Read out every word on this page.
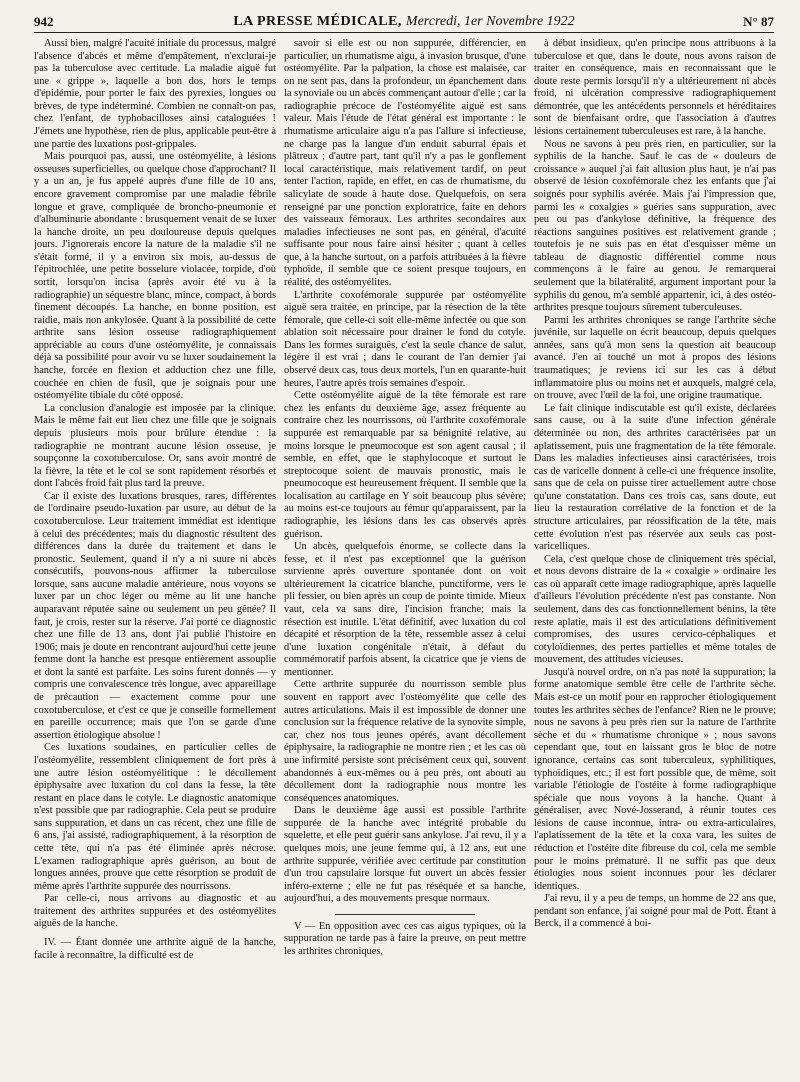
942	LA PRESSE MÉDICALE, Mercredi, 1er Novembre 1922	N° 87

Aussi bien, malgré l'acuité initiale du processus, malgré l'absence d'abcès et même d'empâtement, n'exclurai-je pas la tuberculose avec certitude. La maladie aiguë fut une « grippe », laquelle a bon dos, hors le temps d'épidémie, pour porter le faix des pyrexies, longues ou brèves, de type indéterminé. Combien ne connaît-on pas, chez l'enfant, de typhobacilloses ainsi cataloguées ! J'émets une hypothèse, rien de plus, applicable peut-être à une partie des luxations post-grippales.

Mais pourquoi pas, aussi, une ostéomyélite, à lésions osseuses superficielles, ou quelque chose d'approchant? Il y a un an, je fus appelé auprès d'une fille de 10 ans, encore gravement compromise par une maladie fébrile longue et grave, compliquée de broncho-pneumonie et d'albuminurie abondante : brusquement venait de se luxer la hanche droite, un peu douloureuse depuis quelques jours. J'ignorerais encore la nature de la maladie s'il ne s'était formé, il y a environ six mois, au-dessus de l'épitrochlée, une petite bosselure violacée, torpide, d'où sortit, lorsqu'on incisa (après avoir été vu à la radiographie) un séquestre blanc, mince, compact, à bords finement découpés. La hanche, en bonne position, est raidie, mais non ankylosée. Quant à la possibilité de cette arthrite sans lésion osseuse radiographiquement appréciable au cours d'une ostéomyélite, je connaissais déjà sa possibilité pour avoir vu se luxer soudainement la hanche, forcée en flexion et adduction chez une fille, couchée en chien de fusil, que je soignais pour une ostéomyélite tibiale du côté opposé.

La conclusion d'analogie est imposée par la clinique. Mais le même fait eut lieu chez une fille que je soignais depuis plusieurs mois pour brûlure étendue : la radiographie ne montrant aucune lésion osseuse, je soupçonne la coxotuberculose. Or, sans avoir montré de la fièvre, la tête et le col se sont rapidement résorbés et dont l'abcès froid fait plus tard la preuve.

Car il existe des luxations brusques, rares, différentes de l'ordinaire pseudo-luxation par usure, au début de la coxotuberculose. Leur traitement immédiat est identique à celui des précédentes; mais du diagnostic résultent des différences dans la durée du traitement et dans le pronostic. Seulement, quand il n'y a ni suure ni abcès consécutifs, pouvons-nous affirmer la tuberculose lorsque, sans aucune maladie antérieure, nous voyons se luxer par un choc léger ou même au lit une hanche auparavant réputée saine ou seulement un peu gênée? Il faut, je crois, rester sur la réserve. J'ai porté ce diagnostic chez une fille de 13 ans, dont j'ai publié l'histoire en 1906; mais je doute en rencontrant aujourd'hui cette jeune femme dont la hanche est presque entièrement assouplie et dont la santé est parfaite. Les soins furent donnés — y compris une convalescence très longue, avec appareillage de précaution — exactement comme pour une coxotuberculose, et c'est ce que je conseille formellement en pareille occurrence; mais que l'on se garde d'une assertion étiologique absolue !

Ces luxations soudaines, en particulier celles de l'ostéomyélite, ressemblent cliniquement de fort près à une autre lésion ostéomyélitique : le décollement épiphysaire avec luxation du col dans la fesse, la tête restant en place dans le cotyle. Le diagnostic anatomique n'est possible que par radiographie. Cela peut se produire sans suppuration, et dans un cas récent, chez une fille de 6 ans, j'ai assisté, radiographiquement, à la résorption de cette tête, qui n'a pas été éliminée après nécrose. L'examen radiographique après guérison, au bout de longues années, prouve que cette résorption se produit de même après l'arthrite suppurée des nourrissons.

Par celle-ci, nous arrivons au diagnostic et au traitement des arthrites suppurées et des ostéomyélites aiguës de la hanche.

IV. — Étant donnée une arthrite aiguë de la hanche, facile à reconnaître, la difficulté est de

savoir si elle est ou non suppurée, différencier, en particulier, un rhumatisme aigu, à invasion brusque, d'une ostéomyélite. Par la palpation, la chose est malaisée, car on ne sent pas, dans la profondeur, un épanchement dans la synoviale ou un abcès commençant autour d'elle ; car la radiographie précoce de l'ostéomyélite aiguë est sans valeur. Mais l'étude de l'état général est importante : le rhumatisme articulaire aigu n'a pas l'allure si infectieuse, ne charge pas la langue d'un enduit saburral épais et plâtreux ; d'autre part, tant qu'il n'y a pas le gonflement local caractéristique, mais relativement tardif, on peut tenter l'action, rapide, en effet, en cas de rhumatisme, du salicylate de soude à haute dose. Quelquefois, on sera renseigné par une ponction exploratrice, faite en dehors des vaisseaux fémoraux. Les arthrites secondaires aux maladies infectieuses ne sont pas, en général, d'acuité suffisante pour nous faire ainsi hésiter ; quant à celles que, à la hanche surtout, on a parfois attribuées à la fièvre typhoïde, il semble que ce soient presque toujours, en réalité, des ostéomyélites.

L'arthrite coxofémorale suppurée par ostéomyélite aiguë sera traitée, en principe, par la résection de la tête fémorale, que celle-ci soit elle-même infectée ou que son ablation soit nécessaire pour drainer le fond du cotyle. Dans les formes suraiguës, c'est la seule chance de salut, légère il est vrai ; dans le courant de l'an dernier j'ai observé deux cas, tous deux mortels, l'un en quarante-huit heures, l'autre après trois semaines d'espoir.

Cette ostéomyélite aiguë de la tête fémorale est rare chez les enfants du deuxième âge, assez fréquente au contraire chez les nourrissons, où l'arthrite coxofémorale suppurée est remarquable par sa bénignité relative, au moins lorsque le pneumocoque est son agent causal ; il semble, en effet, que le staphylocoque et surtout le streptocoque soient de mauvais pronostic, mais le pneumocoque est heureusement fréquent. Il semble que la localisation au cartilage en Y soit beaucoup plus sévère; au moins est-ce toujours au fémur qu'apparaissent, par la radiographie, les lésions dans les cas observés après guérison.

Un abcès, quelquefois énorme, se collecte dans la fesse, et il n'est pas exceptionnel que la guérison survienne après ouverture spontanée dont on voit ultérieurement la cicatrice blanche, punctiforme, vers le pli fessier, ou bien après un coup de pointe timide. Mieux vaut, cela va sans dire, l'incision franche; mais la résection est inutile. L'état définitif, avec luxation du col décapité et résorption de la tête, ressemble assez à celui d'une luxation congénitale n'était, à défaut du commémoratif parfois absent, la cicatrice que je viens de mentionner.

Cette arthrite suppurée du nourrisson semble plus souvent en rapport avec l'ostéomyélite que celle des autres articulations. Mais il est impossible de donner une conclusion sur la fréquence relative de la synovite simple, car, chez nos tous jeunes opérés, avant décollement épiphysaire, la radiographie ne montre rien ; et les cas où une infirmité persiste sont précisément ceux qui, souvent abandonnés à eux-mêmes ou à peu près, ont abouti au décollement dont la radiographie nous montre les conséquences anatomiques.

Dans le deuxième âge aussi est possible l'arthrite suppurée de la hanche avec intégrité probable du squelette, et elle peut guérir sans ankylose. J'ai revu, il y a quelques mois, une jeune femme qui, à 12 ans, eut une arthrite suppurée, vérifiée avec certitude par constitution d'un trou capsulaire lorsque fut ouvert un abcès fessier inféro-externe ; elle ne fut pas réséquée et sa hanche, aujourd'hui, a des mouvements presque normaux.

V — En opposition avec ces cas aigus typiques, où la suppuration ne tarde pas à faire la preuve, on peut mettre les arthrites chroniques,

à début insidieux, qu'en principe nous attribuons à la tuberculose et que, dans le doute, nous avons raison de traiter en conséquence, mais en reconnaissant que le doute reste permis lorsqu'il n'y a ultérieurement ni abcès froid, ni ulcération compressive radiographiquement démontrée, que les antécédents personnels et héréditaires sont de bienfaisant ordre, que l'association à d'autres lésions certainement tuberculeuses est rare, à la hanche.

Nous ne savons à peu près rien, en particulier, sur la syphilis de la hanche. Sauf le cas de « douleurs de croissance » auquel j'ai fait allusion plus haut, je n'ai pas observé de lésion coxofémorale chez les enfants que j'ai soignés pour syphilis avérée. Mais j'ai l'impression que, parmi les « coxalgies » guéries sans suppuration, avec peu ou pas d'ankylose définitive, la fréquence des réactions sanguines positives est relativement grande ; toutefois je ne suis pas en état d'esquisser même un tableau de diagnostic différentiel comme nous commençons à le faire au genou. Je remarquerai seulement que la bilatéralité, argument important pour la syphilis du genou, m'a semblé appartenir, ici, à des ostéo-arthrites presque toujours sûrement tuberculeuses.

Parmi les arthrites chroniques se range l'arthrite sèche juvénile, sur laquelle on écrit beaucoup, depuis quelques années, sans qu'à mon sens la question ait beaucoup avancé. J'en ai touché un mot à propos des lésions traumatiques; je reviens ici sur les cas à début inflammatoire plus ou moins net et auxquels, malgré cela, on trouve, avec l'œil de la foi, une origine traumatique.

Le fait clinique indiscutable est qu'il existe, déclarées sans cause, ou à la suite d'une infection générale déterminée ou non, des arthrites caractérisées par un aplatissement, puis une fragmentation de la tête fémorale. Dans les maladies infectieuses ainsi caractérisées, trois cas de varicelle donnent à celle-ci une fréquence insolite, sans que de cela on puisse tirer actuellement autre chose qu'une constatation. Dans ces trois cas, sans doute, eut lieu la restauration corrélative de la fonction et de la structure articulaires, par réossification de la tête, mais cette évolution n'est pas réservée aux seuls cas post-varicelliques.

Cela, c'est quelque chose de cliniquement très spécial, et nous devons distraire de la « coxalgie » ordinaire les cas où apparaît cette image radiographique, après laquelle d'ailleurs l'évolution précédente n'est pas constante. Non seulement, dans des cas fonctionnellement bénins, la tête reste aplatie, mais il est des articulations définitivement compromises, des usures cervico-céphaliques et cotyloïdiennes, des pertes partielles et même totales de mouvement, des attitudes vicieuses.

Jusqu'à nouvel ordre, on n'a pas noté la suppuration; la forme anatomique semble être celle de l'arthrite sèche. Mais est-ce un motif pour en rapprocher étiologiquement toutes les arthrites sèches de l'enfance? Rien ne le prouve; nous ne savons à peu près rien sur la nature de l'arthrite sèche et du « rhumatisme chronique » ; nous savons cependant que, tout en laissant gros le bloc de notre ignorance, certains cas sont tuberculeux, syphilitiques, typhoïdiques, etc.; il est fort possible que, de même, soit variable l'étiologie de l'ostéite à forme radiographique spéciale que nous voyons à la hanche. Quant à généraliser, avec Nové-Josserand, à réunir toutes ces lésions de cause inconnue, intra- ou extra-articulaires, l'aplatissement de la tête et la coxa vara, les suites de réduction et l'ostéite dite fibreuse du col, cela me semble pour le moins prématuré. Il ne suffit pas que deux étiologies nous soient inconnues pour les déclarer identiques.

J'ai revu, il y a peu de temps, un homme de 22 ans que, pendant son enfance, j'ai soigné pour mal de Pott. Étant à Berck, il a commencé à boi-
